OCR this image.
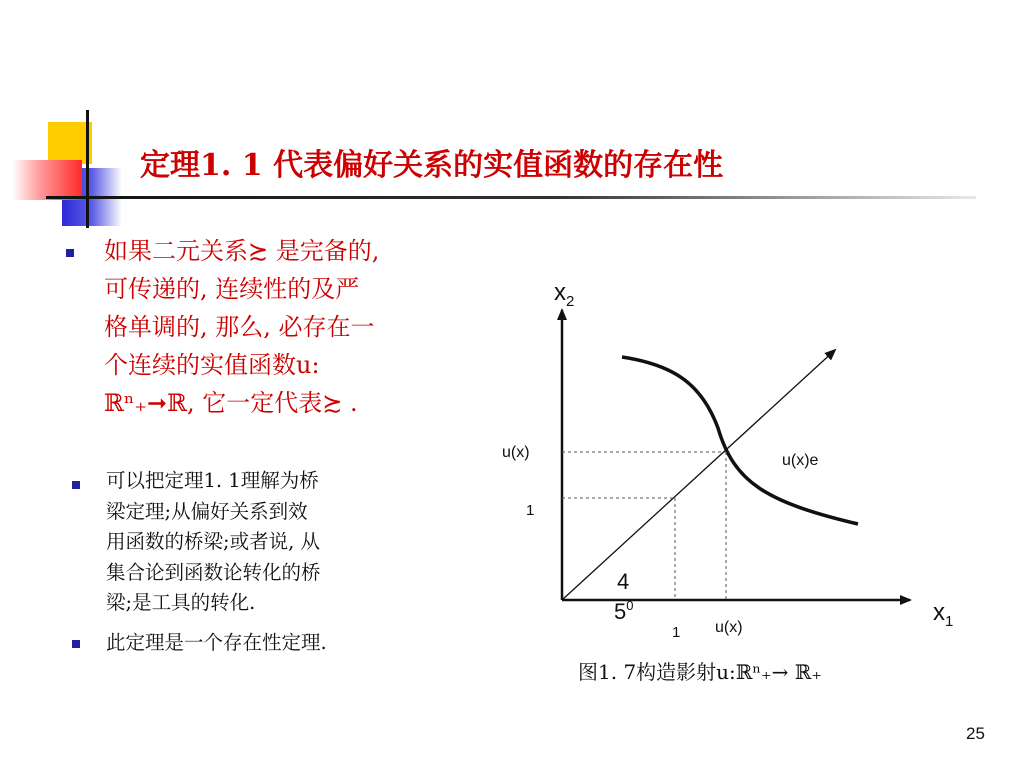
定理1. 1 代表偏好关系的实值函数的存在性
如果二元关系≿ 是完备的,
可传递的, 连续性的及严
格单调的, 那么, 必存在一
个连续的实值函数u:
ℝⁿ₊➞ℝ, 它一定代表≿ .
可以把定理1. 1理解为桥
梁定理;从偏好关系到效
用函数的桥梁;或者说, 从
集合论到函数论转化的桥
梁;是工具的转化.
此定理是一个存在性定理.
$x_2$
$x_1$
u(x)e
u(x)
1
1 u(x)
4
$5^0$
图1. 7构造影射u:ℝⁿ₊→ ℝ₊
25
